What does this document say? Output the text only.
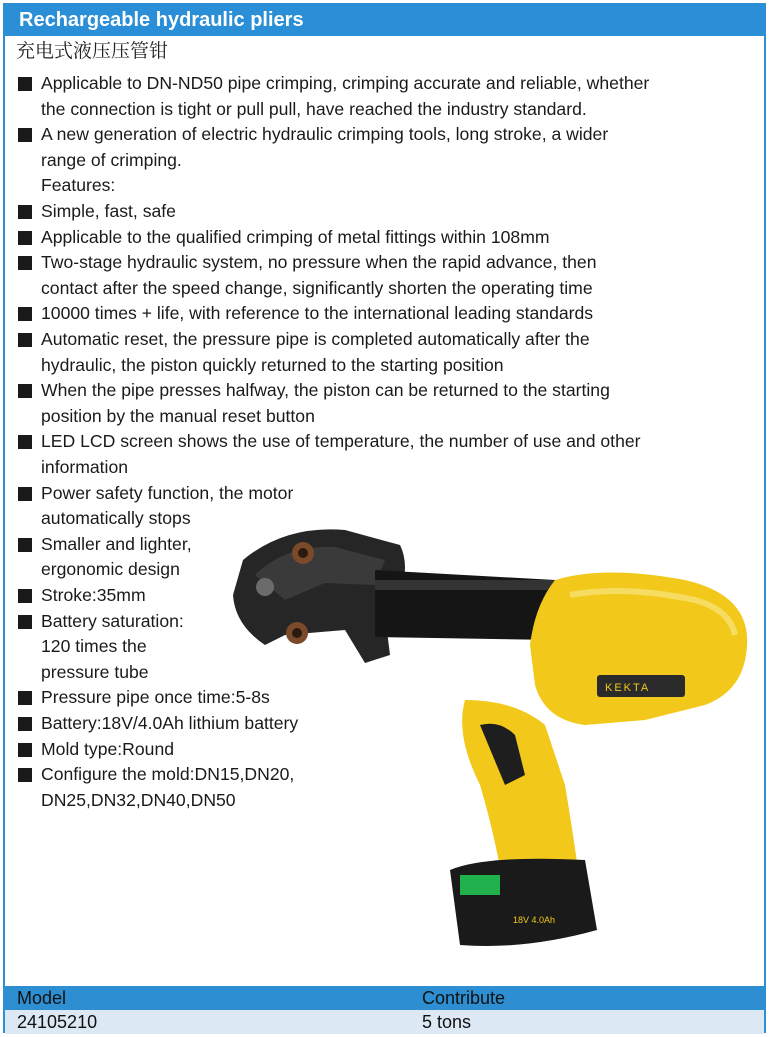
Rechargeable hydraulic pliers
充电式液压压管钳
Applicable to DN-ND50 pipe crimping, crimping accurate and reliable, whether
the connection is tight or pull pull, have reached the industry standard.
A new generation of electric hydraulic crimping tools, long stroke, a wider
range of crimping.
Features:
Simple, fast, safe
Applicable to the qualified crimping of metal fittings within 108mm
Two-stage hydraulic system, no pressure when the rapid advance, then
contact after the speed change, significantly shorten the operating time
10000 times + life, with reference to the international leading standards
Automatic reset, the pressure pipe is completed automatically after the
hydraulic, the piston quickly returned to the starting position
When the pipe presses halfway, the piston can be returned to the starting
position by the manual reset button
LED LCD screen shows the use of temperature, the number of use and other
information
Power safety function, the motor
automatically stops
Smaller and lighter,
ergonomic design
Stroke:35mm
Battery saturation:
120 times the
pressure tube
Pressure pipe once time:5-8s
Battery:18V/4.0Ah lithium battery
Mold type:Round
Configure the mold:DN15,DN20,
DN25,DN32,DN40,DN50
KEKTA
18V 4.0Ah
Model	Contribute
24105210	5 tons
